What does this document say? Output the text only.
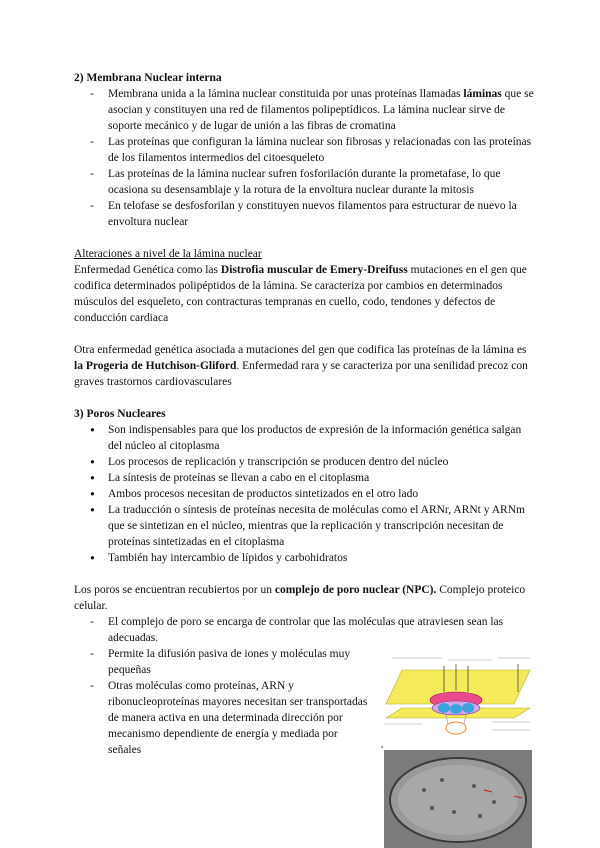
2) Membrana Nuclear interna
- Membrana unida a la lámina nuclear constituida por unas proteínas llamadas láminas que se asocian y constituyen una red de filamentos polipeptídicos. La lámina nuclear sirve de soporte mecánico y de lugar de unión a las fibras de cromatina
- Las proteínas que configuran la lámina nuclear son fibrosas y relacionadas con las proteínas de los filamentos intermedios del citoesqueleto
- Las proteínas de la lámina nuclear sufren fosforilación durante la prometafase, lo que ocasiona su desensamblaje y la rotura de la envoltura nuclear durante la mitosis
- En telofase se desfosforilan y constituyen nuevos filamentos para estructurar de nuevo la envoltura nuclear

Alteraciones a nivel de la lámina nuclear

Enfermedad Genética como las Distrofia muscular de Emery-Dreifuss mutaciones en el gen que codifica determinados polipéptidos de la lámina. Se caracteriza por cambios en determinados músculos del esqueleto, con contracturas tempranas en cuello, codo, tendones y defectos de conducción cardiaca

Otra enfermedad genética asociada a mutaciones del gen que codifica las proteínas de la lámina es la Progeria de Hutchison-Gliford. Enfermedad rara y se caracteriza por una senilidad precoz con graves trastornos cardiovasculares

3) Poros Nucleares
● Son indispensables para que los productos de expresión de la información genética salgan del núcleo al citoplasma
● Los procesos de replicación y transcripción se producen dentro del núcleo
● La síntesis de proteínas se llevan a cabo en el citoplasma
● Ambos procesos necesitan de productos sintetizados en el otro lado
● La traducción o síntesis de proteínas necesita de moléculas como el ARNr, ARNt y ARNm que se sintetizan en el núcleo, mientras que la replicación y transcripción necesitan de proteínas sintetizadas en el citoplasma
● También hay intercambio de lípidos y carbohidratos

Los poros se encuentran recubiertos por un complejo de poro nuclear (NPC). Complejo proteico celular.

- El complejo de poro se encarga de controlar que las moléculas que atraviesen sean las adecuadas.
- Permite la difusión pasiva de iones y moléculas muy pequeñas
- Otras moléculas como proteínas, ARN y ribonucleoproteínas mayores necesitan ser transportadas de manera activa en una determinada dirección por mecanismo dependiente de energía y mediada por señales	a
